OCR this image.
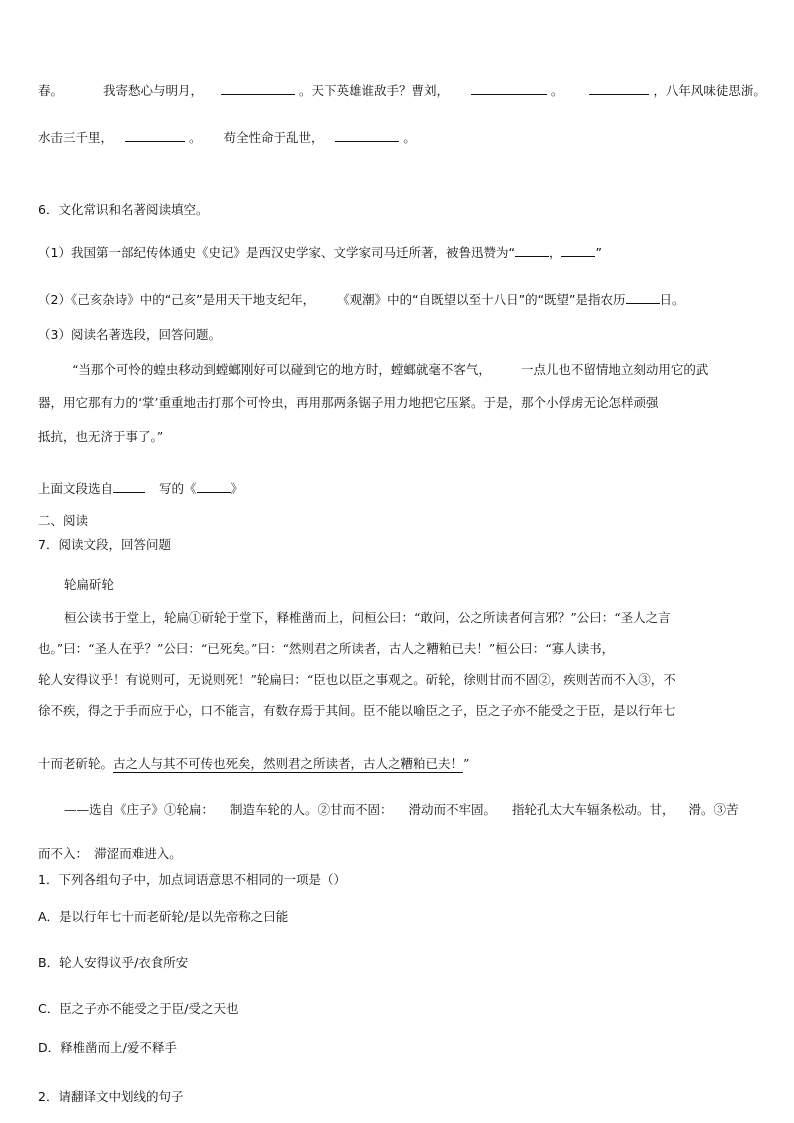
春。	我寄愁心与明月，	。天下英雄谁敌手？曹刘，	。	，八年风味徒思浙。
水击三千里，	。 苟全性命于乱世，	。
6．文化常识和名著阅读填空。
（1）我国第一部纪传体通史《史记》是西汉史学家、文学家司马迁所著，被鲁迅赞为“	，	”
（2）《己亥杂诗》中的“己亥”是用天干地支纪年， 《观潮》中的“自既望以至十八日”的“既望”是指农历	日。
（3）阅读名著选段，回答问题。
“当那个可怜的蝗虫移动到螳螂刚好可以碰到它的地方时，螳螂就毫不客气， 一点儿也不留情地立刻动用它的武
器，用它那有力的‘掌’重重地击打那个可怜虫，再用那两条锯子用力地把它压紧。于是，那个小俘虏无论怎样顽强
抵抗，也无济于事了。”
上面文段选自	写的《	》
二、阅读
7．阅读文段，回答问题
轮扁斫轮
桓公读书于堂上，轮扁①斫轮于堂下，释椎凿而上，问桓公曰：“敢问，公之所读者何言邪？”公曰：“圣人之言
也。”曰：“圣人在乎？”公曰：“已死矣。”曰：“然则君之所读者，古人之糟粕已夫！”桓公曰：“寡人读书，
轮人安得议乎！有说则可，无说则死！”轮扁曰：“臣也以臣之事观之。斫轮，徐则甘而不固②，疾则苦而不入③，不
徐不疾，得之于手而应于心，口不能言，有数存焉于其间。臣不能以喻臣之子，臣之子亦不能受之于臣，是以行年七
十而老斫轮。古之人与其不可传也死矣，然则君之所读者，古人之糟粕已夫！”
——选自《庄子》①轮扁： 制造车轮的人。②甘而不固： 滑动而不牢固。 指轮孔太大车辐条松动。甘， 滑。③苦
而不入：　滞涩而难进入。
1．下列各组句子中，加点词语意思不相同的一项是（）
A．是以行年七十而老斫轮/是以先帝称之曰能
B．轮人安得议乎/衣食所安
C．臣之子亦不能受之于臣/受之天也
D．释椎凿而上/爱不释手
2．请翻译文中划线的句子
